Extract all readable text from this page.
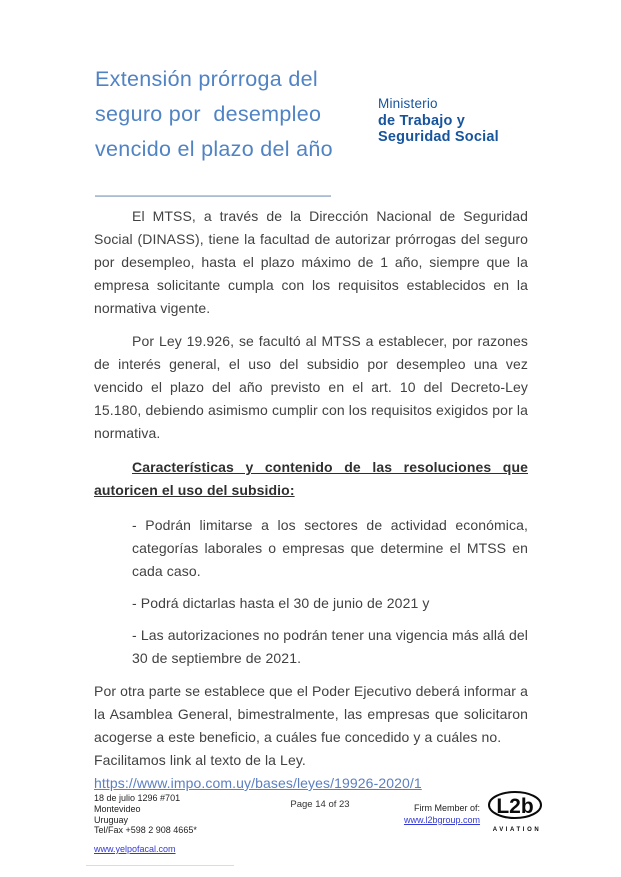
Extensión prórroga del
seguro por  desempleo
vencido el plazo del año
Ministerio
de Trabajo y
Seguridad Social

El MTSS, a través de la Dirección Nacional de Seguridad Social (DINASS), tiene la facultad de autorizar prórrogas del seguro por desempleo, hasta el plazo máximo de 1 año, siempre que la empresa solicitante cumpla con los requisitos establecidos en la normativa vigente.

Por Ley 19.926, se facultó al MTSS a establecer, por razones de interés general, el uso del subsidio por desempleo una vez vencido el plazo del año previsto en el art. 10 del Decreto-Ley 15.180, debiendo asimismo cumplir con los requisitos exigidos por la normativa.

Características y contenido de las resoluciones que autoricen el uso del subsidio:

- Podrán limitarse a los sectores de actividad económica, categorías laborales o empresas que determine el MTSS en cada caso.

- Podrá dictarlas hasta el 30 de junio de 2021 y

- Las autorizaciones no podrán tener una vigencia más allá del 30 de septiembre de 2021.

Por otra parte se establece que el Poder Ejecutivo deberá informar a la Asamblea General, bimestralmente, las empresas que solicitaron acogerse a este beneficio, a cuáles fue concedido y a cuáles no.

Facilitamos link al texto de la Ley.

https://www.impo.com.uy/bases/leyes/19926-2020/1

18 de julio 1296 #701
Montevideo
Uruguay
Tel/Fax +598 2 908 4665*
www.yelpofacal.com
Page 14 of 23	Firm Member of:
www.l2bgroup.com
L2b
AVIATION
